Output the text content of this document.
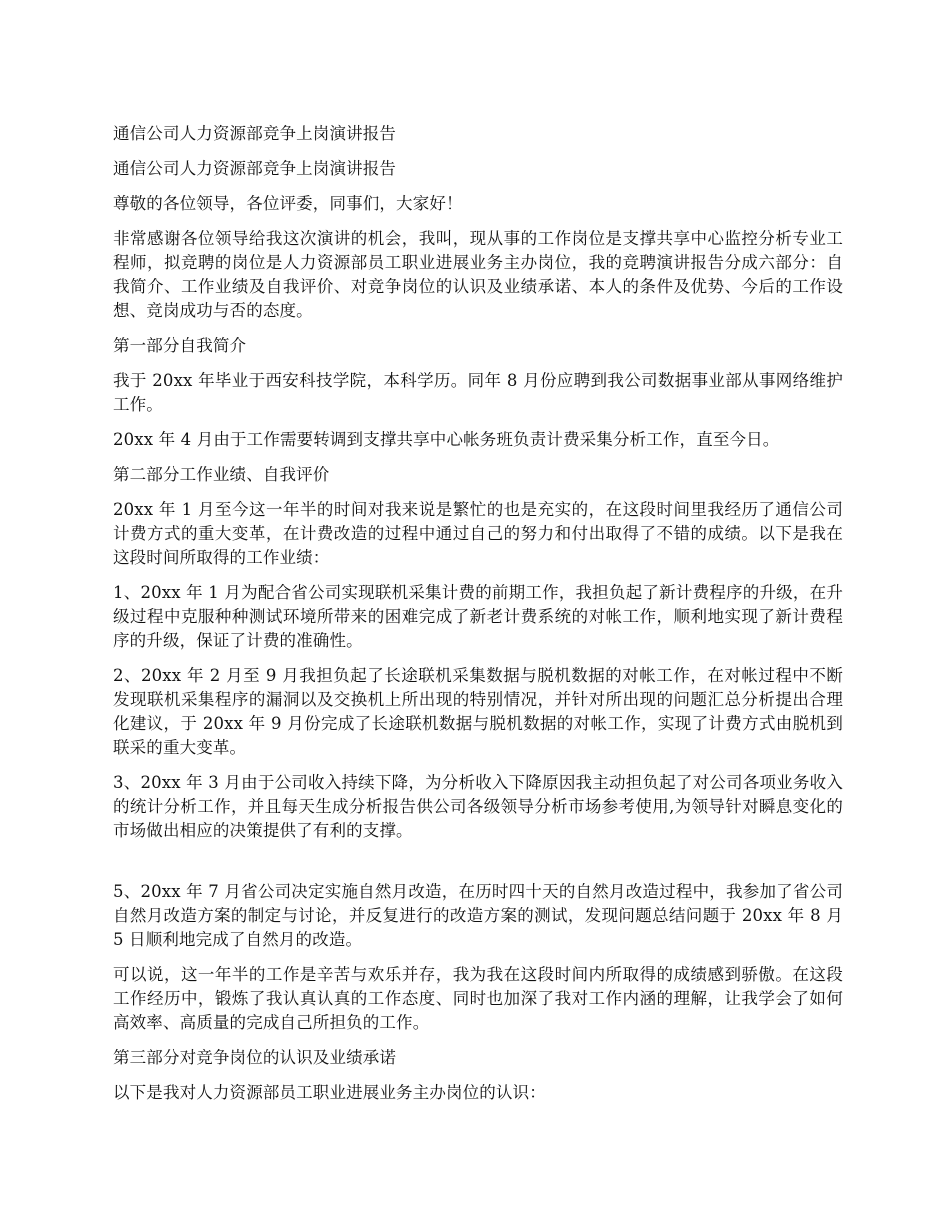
通信公司人力资源部竞争上岗演讲报告

通信公司人力资源部竞争上岗演讲报告

尊敬的各位领导，各位评委，同事们，大家好！

非常感谢各位领导给我这次演讲的机会，我叫，现从事的工作岗位是支撑共享中心监控分析专业工程师，拟竞聘的岗位是人力资源部员工职业进展业务主办岗位，我的竞聘演讲报告分成六部分：自我简介、工作业绩及自我评价、对竞争岗位的认识及业绩承诺、本人的条件及优势、今后的工作设想、竞岗成功与否的态度。

第一部分自我简介

我于 20xx 年毕业于西安科技学院，本科学历。同年 8 月份应聘到我公司数据事业部从事网络维护工作。

20xx 年 4 月由于工作需要转调到支撑共享中心帐务班负责计费采集分析工作，直至今日。

第二部分工作业绩、自我评价

20xx 年 1 月至今这一年半的时间对我来说是繁忙的也是充实的，在这段时间里我经历了通信公司计费方式的重大变革，在计费改造的过程中通过自己的努力和付出取得了不错的成绩。以下是我在这段时间所取得的工作业绩：

1、20xx 年 1 月为配合省公司实现联机采集计费的前期工作，我担负起了新计费程序的升级，在升级过程中克服种种测试环境所带来的困难完成了新老计费系统的对帐工作，顺利地实现了新计费程序的升级，保证了计费的准确性。

2、20xx 年 2 月至 9 月我担负起了长途联机采集数据与脱机数据的对帐工作，在对帐过程中不断发现联机采集程序的漏洞以及交换机上所出现的特别情况，并针对所出现的问题汇总分析提出合理化建议，于 20xx 年 9 月份完成了长途联机数据与脱机数据的对帐工作，实现了计费方式由脱机到联采的重大变革。

3、20xx 年 3 月由于公司收入持续下降，为分析收入下降原因我主动担负起了对公司各项业务收入的统计分析工作，并且每天生成分析报告供公司各级领导分析市场参考使用,为领导针对瞬息变化的市场做出相应的决策提供了有利的支撑。

5、20xx 年 7 月省公司决定实施自然月改造，在历时四十天的自然月改造过程中，我参加了省公司自然月改造方案的制定与讨论，并反复进行的改造方案的测试，发现问题总结问题于 20xx 年 8 月 5 日顺利地完成了自然月的改造。

可以说，这一年半的工作是辛苦与欢乐并存，我为我在这段时间内所取得的成绩感到骄傲。在这段工作经历中，锻炼了我认真认真的工作态度、同时也加深了我对工作内涵的理解，让我学会了如何高效率、高质量的完成自己所担负的工作。

第三部分对竞争岗位的认识及业绩承诺

以下是我对人力资源部员工职业进展业务主办岗位的认识：
